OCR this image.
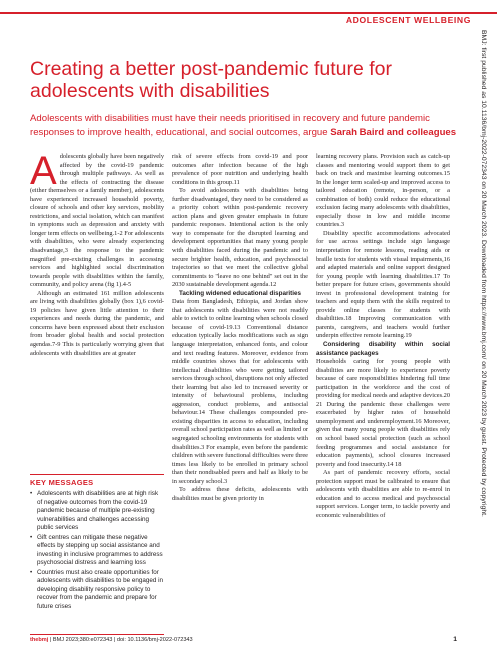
ADOLESCENT WELLBEING
Creating a better post-pandemic future for adolescents with disabilities

Adolescents with disabilities must have their needs prioritised in recovery and future pandemic responses to improve health, educational, and social outcomes, argue Sarah Baird and colleagues

Adolescents globally have been negatively affected by the covid-19 pandemic through multiple pathways. As well as the effects of contracting the disease (either themselves or a family member), adolescents have experienced increased household poverty, closure of schools and other key services, mobility restrictions, and social isolation, which can manifest in symptoms such as depression and anxiety with longer term effects on wellbeing.1-2 For adolescents with disabilities, who were already experiencing disadvantage,3 the response to the pandemic magnified pre-existing challenges in accessing services and highlighted social discrimination towards people with disabilities within the family, community, and policy arena (fig 1).4-5

Although an estimated 161 million adolescents are living with disabilities globally (box 1),6 covid-19 policies have given little attention to their experiences and needs during the pandemic, and concerns have been expressed about their exclusion from broader global health and social protection agendas.7-9 This is particularly worrying given that adolescents with disabilities are at greater

KEY MESSAGES
• Adolescents with disabilities are at high risk of negative outcomes from the covid-19 pandemic because of multiple pre-existing vulnerabilities and challenges accessing public services
• Gift centres can mitigate these negative effects by stepping up social assistance and investing in inclusive programmes to address psychosocial distress and learning loss
• Countries must also create opportunities for adolescents with disabilities to be engaged in developing disability responsive policy to recover from the pandemic and prepare for future crises

risk of severe effects from covid-19 and poor outcomes after infection because of the high prevalence of poor nutrition and underlying health conditions in this group.11

To avoid adolescents with disabilities being further disadvantaged, they need to be considered as a priority cohort within post-pandemic recovery action plans and given greater emphasis in future pandemic responses. Intentional action is the only way to compensate for the disrupted learning and development opportunities that many young people with disabilities faced during the pandemic and to secure brighter health, education, and psychosocial trajectories so that we meet the collective global commitments to "leave no one behind" set out in the 2030 sustainable development agenda.12

Tackling widened educational disparities

Data from Bangladesh, Ethiopia, and Jordan show that adolescents with disabilities were not readily able to switch to online learning when schools closed because of covid-19.13 Conventional distance education typically lacks modifications such as sign language interpretation, enhanced fonts, and colour and text reading features. Moreover, evidence from middle countries shows that for adolescents with intellectual disabilities who were getting tailored services through school, disruptions not only affected their learning but also led to increased severity or intensity of behavioural problems, including aggression, conduct problems, and antisocial behaviour.14 These challenges compounded pre-existing disparities in access to education, including overall school participation rates as well as limited or segregated schooling environments for students with disabilities.3 For example, even before the pandemic children with severe functional difficulties were three times less likely to be enrolled in primary school than their nondisabled peers and half as likely to be in secondary school.3

To address these deficits, adolescents with disabilities must be given priority in

learning recovery plans. Provision such as catch-up classes and mentoring would support them to get back on track and maximise learning outcomes.15 In the longer term scaled-up and improved access to tailored education (remote, in-person, or a combination of both) could reduce the educational exclusion facing many adolescents with disabilities, especially those in low and middle income countries.3

Disability specific accommodations advocated for use across settings include sign language interpretation for remote lessons, reading aids or braille texts for students with visual impairments,16 and adapted materials and online support designed for young people with learning disabilities.17 To better prepare for future crises, governments should invest in professional development training for teachers and equip them with the skills required to provide online classes for students with disabilities.18 Improving communication with parents, caregivers, and teachers would further underpin effective remote learning.19

Considering disability within social assistance packages

Households caring for young people with disabilities are more likely to experience poverty because of care responsibilities hindering full time participation in the workforce and the cost of providing for medical needs and adaptive devices.20 21 During the pandemic these challenges were exacerbated by higher rates of household unemployment and underemployment.16 Moreover, given that many young people with disabilities rely on school based social protection (such as school feeding programmes and social assistance for education payments), school closures increased poverty and food insecurity.14 18

As part of pandemic recovery efforts, social protection support must be calibrated to ensure that adolescents with disabilities are able to re-enrol in education and to access medical and psychosocial support services. Longer term, to tackle poverty and economic vulnerabilities of	BMJ: first published as 10.1136/bmj-2022-072343 on 20 March 2023. Downloaded from https://www.bmj.com/ on 20 March 2023 by guest. Protected by copyright.
thebmj | BMJ 2023;380:e072343 | doi: 10.1136/bmj-2022-072343	1
